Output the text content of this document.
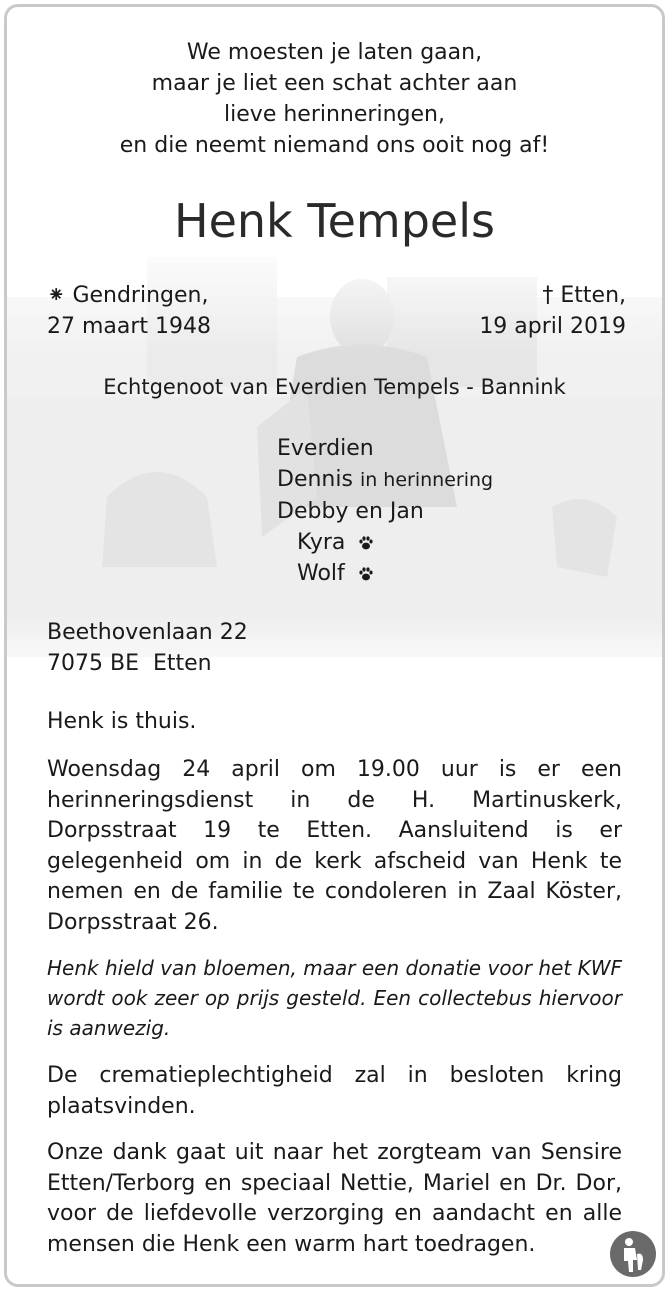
We moesten je laten gaan,
maar je liet een schat achter aan
lieve herinneringen,
en die neemt niemand ons ooit nog af!
Henk Tempels
⁕ Gendringen,
27 maart 1948
† Etten,
19 april 2019
Echtgenoot van Everdien Tempels - Bannink
Everdien
Dennis in herinnering
Debby en Jan
Kyra
Wolf
Beethovenlaan 22
7075 BE  Etten
Henk is thuis.
Woensdag 24 april om 19.00 uur is er een herinneringsdienst in de H. Martinuskerk, Dorpsstraat 19 te Etten. Aansluitend is er gelegenheid om in de kerk afscheid van Henk te nemen en de familie te condoleren in Zaal Köster, Dorpsstraat 26.
Henk hield van bloemen, maar een donatie voor het KWF wordt ook zeer op prijs gesteld. Een collectebus hiervoor is aanwezig.
De crematieplechtigheid zal in besloten kring plaatsvinden.
Onze dank gaat uit naar het zorgteam van Sensire Etten/Terborg en speciaal Nettie, Mariel en Dr. Dor, voor de liefdevolle verzorging en aandacht en alle mensen die Henk een warm hart toedragen.
